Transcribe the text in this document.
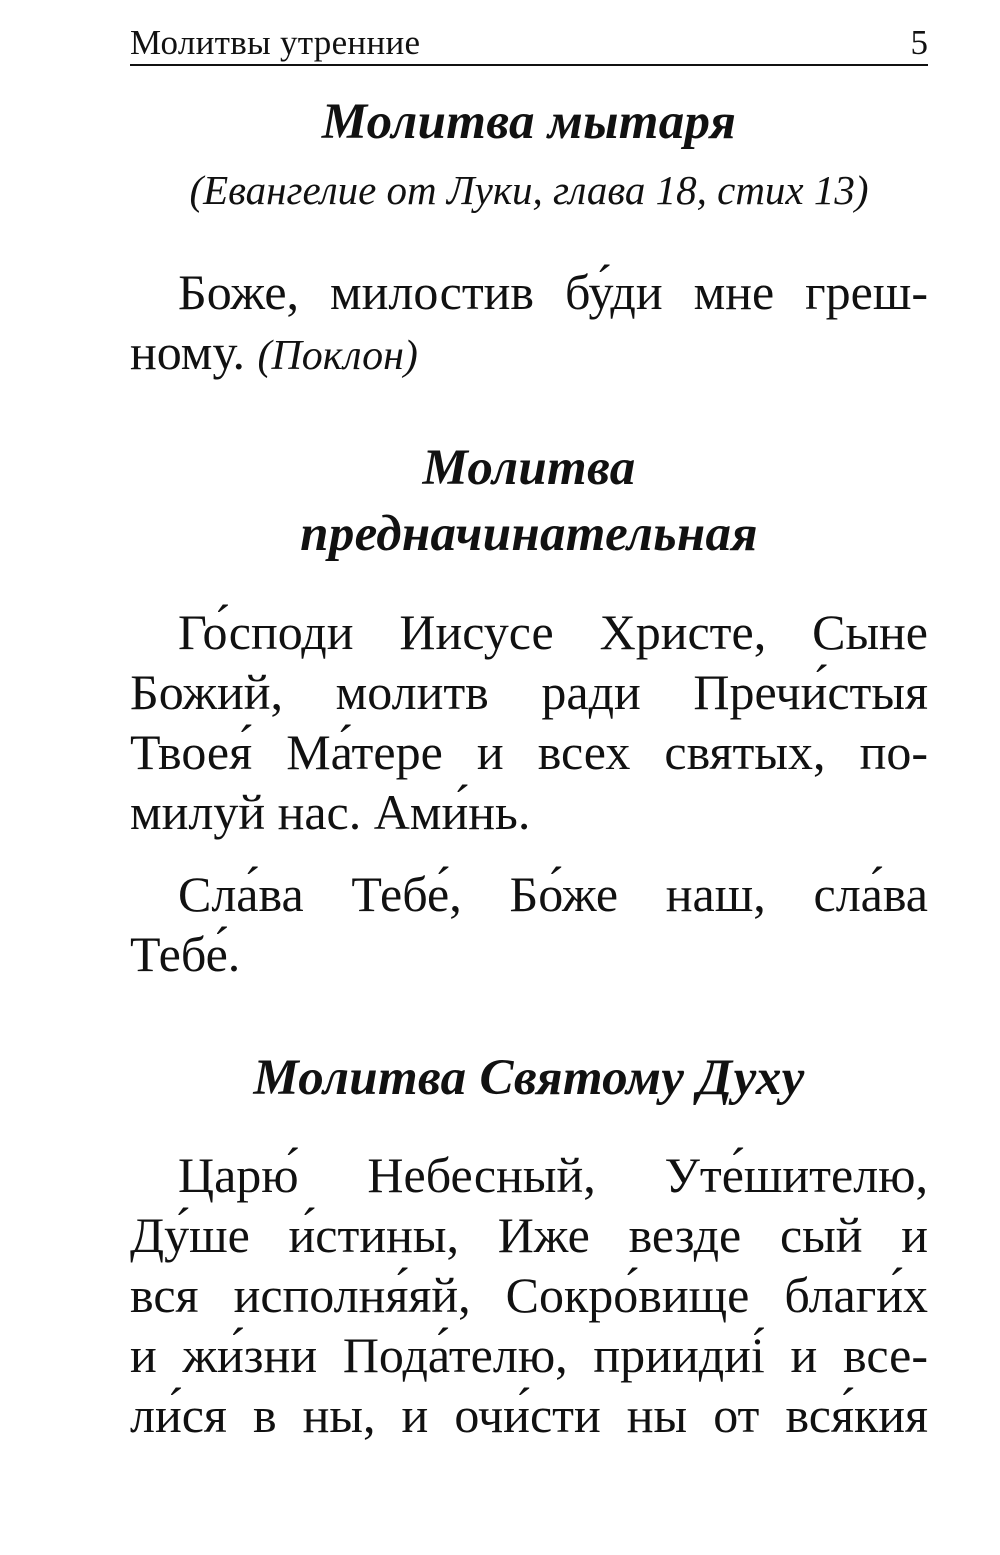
Молитвы утренние	5
Молитва мытаря
(Евангелие от Луки, глава 18, стих 13)
Боже, милостив бу́ди мне греш-
ному. (Поклон)
Молитва
предначинательная
Го́споди Иисусе Христе, Сыне
Божий, молитв ради Пречи́стыя
Твоея́ Ма́тере и всех святых, по-
милуй нас. Ами́нь.
Сла́ва Тебе́, Бо́же наш, сла́ва
Тебе́.
Молитва Святому Духу
Царю́ Небесный, Уте́шителю,
Ду́ше и́стины, Иже везде сый и
вся исполня́яй, Сокро́вище благи́х
и жи́зни Пода́телю, приидиі́ и все-
ли́ся в ны, и очи́сти ны от вся́кия
